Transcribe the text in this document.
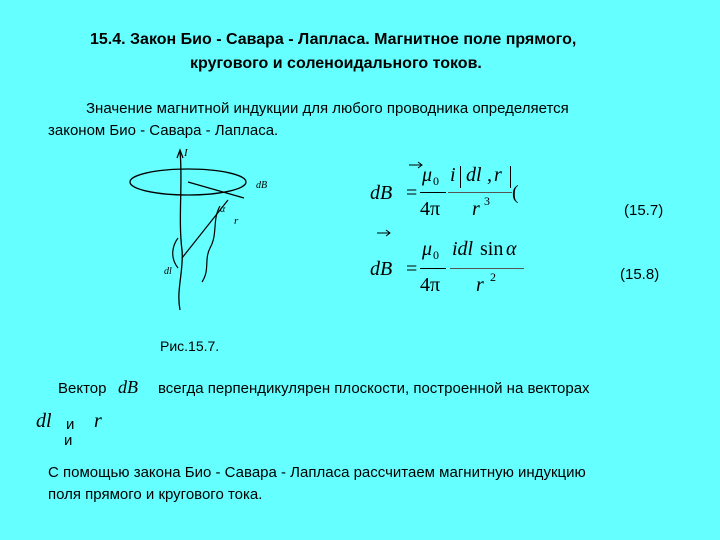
15.4. Закон Био - Савара - Лапласа. Магнитное поле прямого,
кругового и соленоидального токов.
Значение магнитной индукции для любого проводника определяется
законом Био - Савара - Лапласа.
I
dB
dl
r
α
Рис.15.7.
dB =
μ 0
4π
i dl , r
r 3 (
(15.7)
dB =
μ 0
4π
idl sin α
r 2	(15.8)
Вектор dB всегда перпендикулярен плоскости, построенной на векторах
dl и r
и
С помощью закона Био - Савара - Лапласа рассчитаем магнитную индукцию
поля прямого и кругового тока.
